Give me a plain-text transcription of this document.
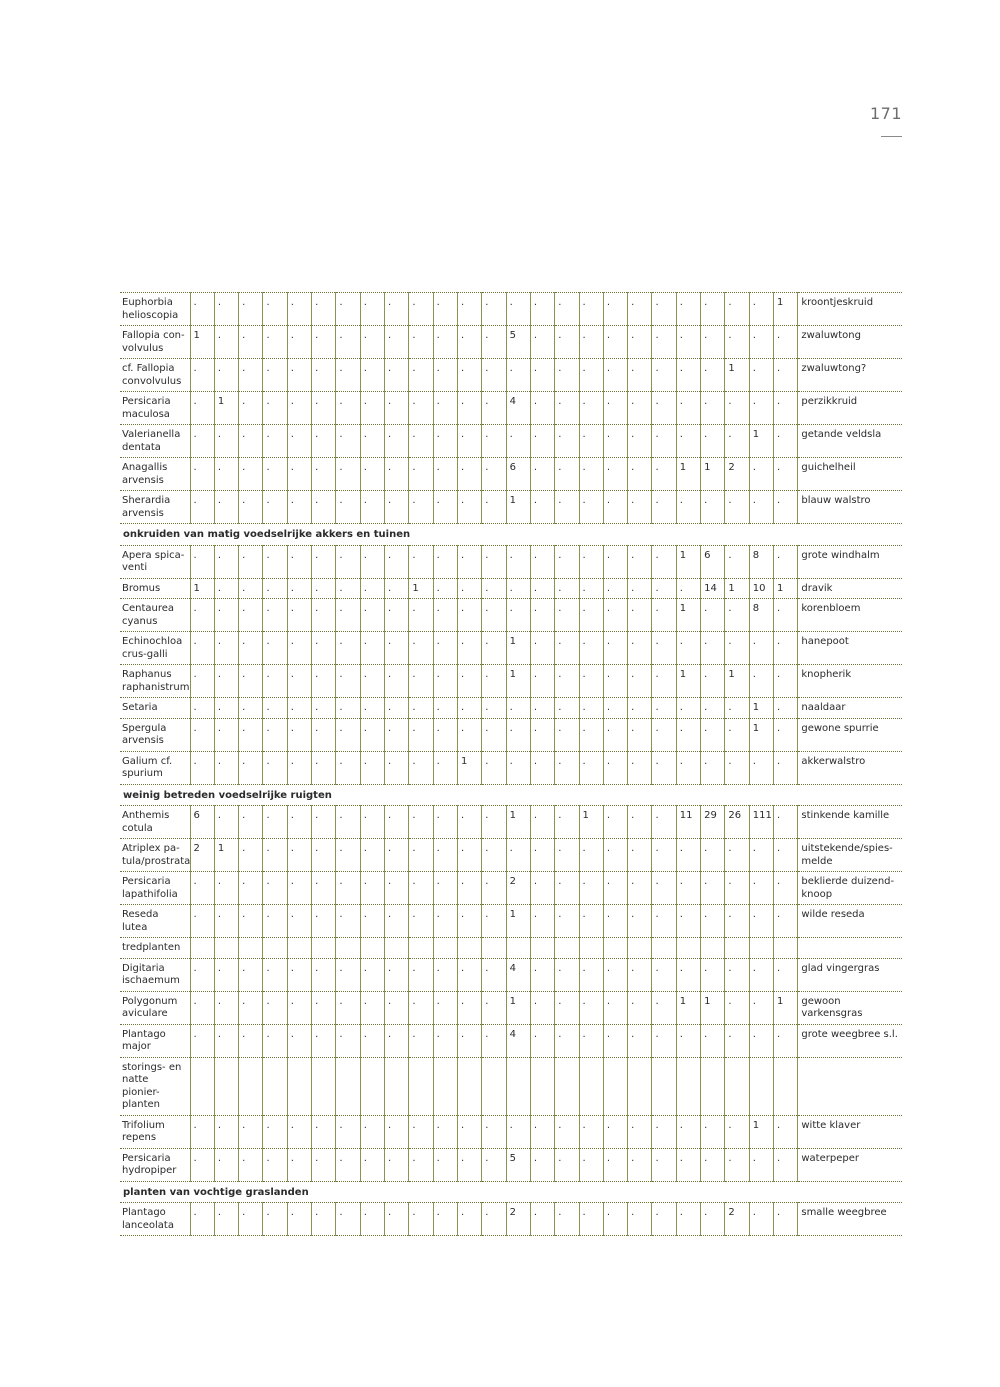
171
Euphorbia helioscopia	.	.	.	.	.	.	.	.	.	.	.	.	.	.	.	.	.	.	.	.	.	.	.	.	1	kroontjeskruid
Fallopia con-volvulus	1	.	.	.	.	.	.	.	.	.	.	.	.	5	.	.	.	.	.	.	.	.	.	.	.	zwaluwtong
cf. Fallopia convolvulus	.	.	.	.	.	.	.	.	.	.	.	.	.	.	.	.	.	.	.	.	.	.	1	.	.	zwaluwtong?
Persicaria maculosa	.	1	.	.	.	.	.	.	.	.	.	.	.	4	.	.	.	.	.	.	.	.	.	.	.	perzikkruid
Valerianella dentata	.	.	.	.	.	.	.	.	.	.	.	.	.	.	.	.	.	.	.	.	.	.	.	1	.	getande veldsla
Anagallis arvensis	.	.	.	.	.	.	.	.	.	.	.	.	.	6	.	.	.	.	.	.	1	1	2	.	.	guichelheil
Sherardia arvensis	.	.	.	.	.	.	.	.	.	.	.	.	.	1	.	.	.	.	.	.	.	.	.	.	.	blauw walstro
onkruiden van matig voedselrijke akkers en tuinen																										
Apera spica-venti	.	.	.	.	.	.	.	.	.	.	.	.	.	.	.	.	.	.	.	.	1	6	.	8	.	grote windhalm
Bromus	1	.	.	.	.	.	.	.	.	1	.	.	.	.	.	.	.	.	.	.	.	14	1	10	1	dravik
Centaurea cyanus	.	.	.	.	.	.	.	.	.	.	.	.	.	.	.	.	.	.	.	.	1	.	.	8	.	korenbloem
Echinochloa crus-galli	.	.	.	.	.	.	.	.	.	.	.	.	.	1	.	.	.	.	.	.	.	.	.	.	.	hanepoot
Raphanus raphanistrum	.	.	.	.	.	.	.	.	.	.	.	.	.	1	.	.	.	.	.	.	1	.	1	.	.	knopherik
Setaria	.	.	.	.	.	.	.	.	.	.	.	.	.	.	.	.	.	.	.	.	.	.	.	1	.	naaldaar
Spergula arvensis	.	.	.	.	.	.	.	.	.	.	.	.	.	.	.	.	.	.	.	.	.	.	.	1	.	gewone spurrie
Galium cf. spurium	.	.	.	.	.	.	.	.	.	.	.	1	.	.	.	.	.	.	.	.	.	.	.	.	.	akkerwalstro
weinig betreden voedselrijke ruigten																										
Anthemis cotula	6	.	.	.	.	.	.	.	.	.	.	.	.	1	.	.	1	.	.	.	11	29	26	111	.	stinkende kamille
Atriplex pa-tula/prostrata	2	1	.	.	.	.	.	.	.	.	.	.	.	.	.	.	.	.	.	.	.	.	.	.	.	uitstekende/spies-melde
Persicaria lapathifolia	.	.	.	.	.	.	.	.	.	.	.	.	.	2	.	.	.	.	.	.	.	.	.	.	.	beklierde duizend-knoop
Reseda lutea	.	.	.	.	.	.	.	.	.	.	.	.	.	1	.	.	.	.	.	.	.	.	.	.	.	wilde reseda
tredplanten																										
Digitaria ischaemum	.	.	.	.	.	.	.	.	.	.	.	.	.	4	.	.	.	.	.	.	.	.	.	.	.	glad vingergras
Polygonum aviculare	.	.	.	.	.	.	.	.	.	.	.	.	.	1	.	.	.	.	.	.	1	1	.	.	1	gewoon varkensgras
Plantago major	.	.	.	.	.	.	.	.	.	.	.	.	.	4	.	.	.	.	.	.	.	.	.	.	.	grote weegbree s.l.
storings- en natte pionier-planten																										
Trifolium repens	.	.	.	.	.	.	.	.	.	.	.	.	.	.	.	.	.	.	.	.	.	.	.	1	.	witte klaver
Persicaria hydropiper	.	.	.	.	.	.	.	.	.	.	.	.	.	5	.	.	.	.	.	.	.	.	.	.	.	waterpeper
planten van vochtige graslanden																										
Plantago lanceolata	.	.	.	.	.	.	.	.	.	.	.	.	.	2	.	.	.	.	.	.	.	.	2	.	.	smalle weegbree
